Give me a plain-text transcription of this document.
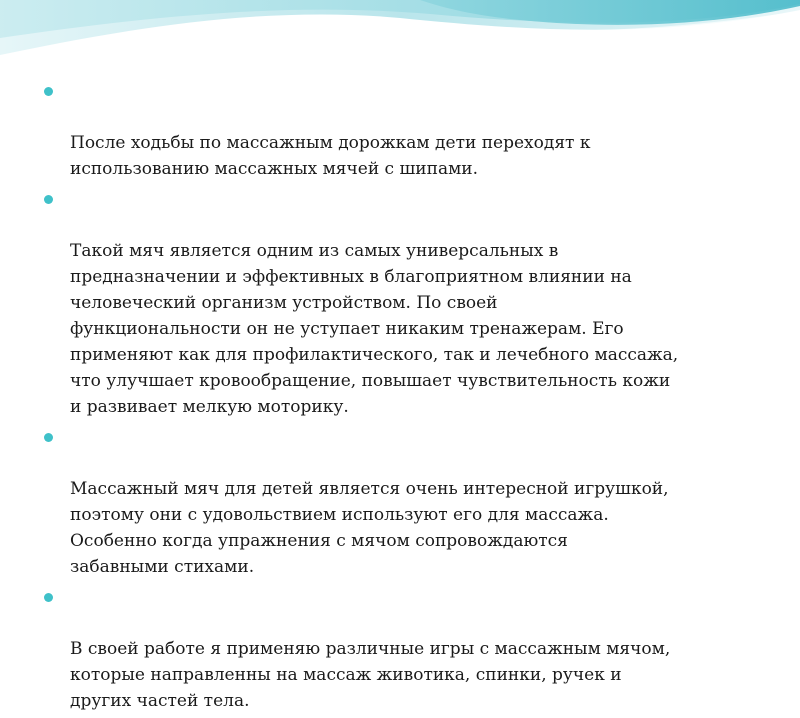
После ходьбы по массажным дорожкам дети переходят к
использованию массажных мячей с шипами.

Такой мяч является одним из самых универсальных в
предназначении и эффективных в благоприятном влиянии на
человеческий организм устройством. По своей
функциональности он не уступает никаким тренажерам. Его
применяют как для профилактического, так и лечебного массажа,
что улучшает кровообращение, повышает чувствительность кожи
и развивает мелкую моторику.

Массажный мяч для детей является очень интересной игрушкой,
поэтому они с удовольствием используют его для массажа.
Особенно когда упражнения с мячом сопровождаются
забавными стихами.

В своей работе я применяю различные игры с массажным мячом,
которые направленны на массаж животика, спинки, ручек и
других частей тела.
